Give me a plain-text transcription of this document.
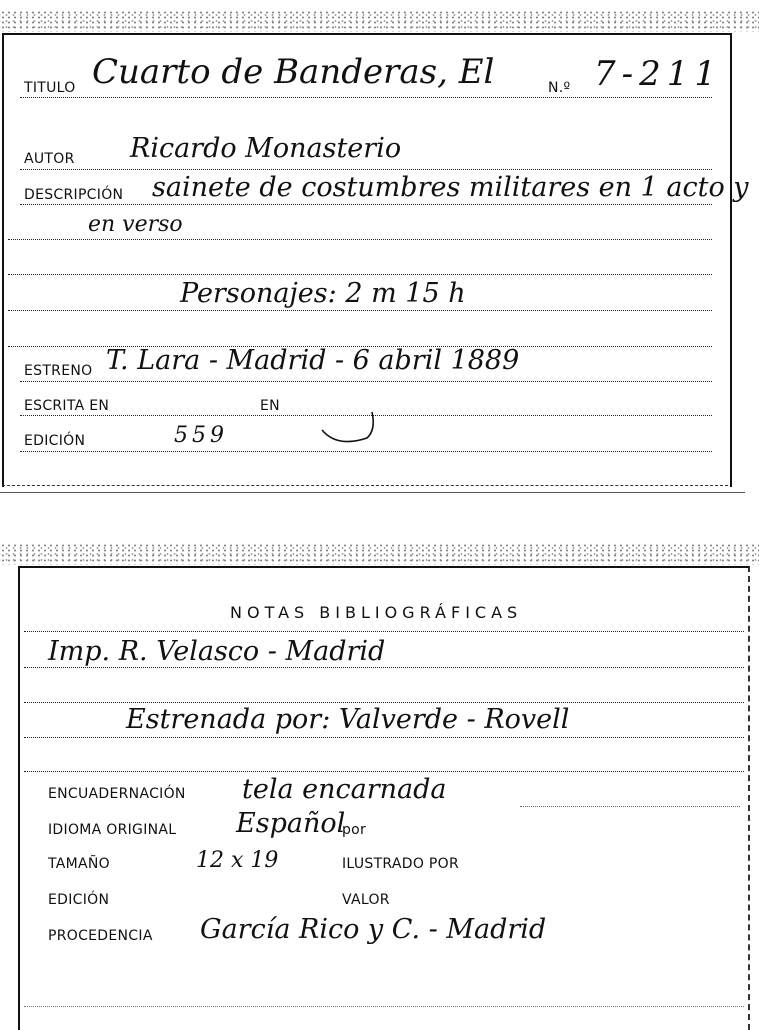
TITULO Cuarto de Banderas, El	N.º 7-211
AUTOR Ricardo Monasterio
DESCRIPCIÓN sainete de costumbres militares en 1 acto y
en verso
Personajes: 2 m 15 h
ESTRENO T. Lara - Madrid - 6 abril 1889
ESCRITA EN	EN
EDICIÓN	559
NOTAS BIBLIOGRÁFICAS
Imp. R. Velasco - Madrid
Estrenada por: Valverde - Rovell
ENCUADERNACIÓN tela encarnada
IDIOMA ORIGINAL Español
por
TAMAÑO	12 x 19	ILUSTRADO POR
EDICIÓN	VALOR
PROCEDENCIA García Rico y C. - Madrid
